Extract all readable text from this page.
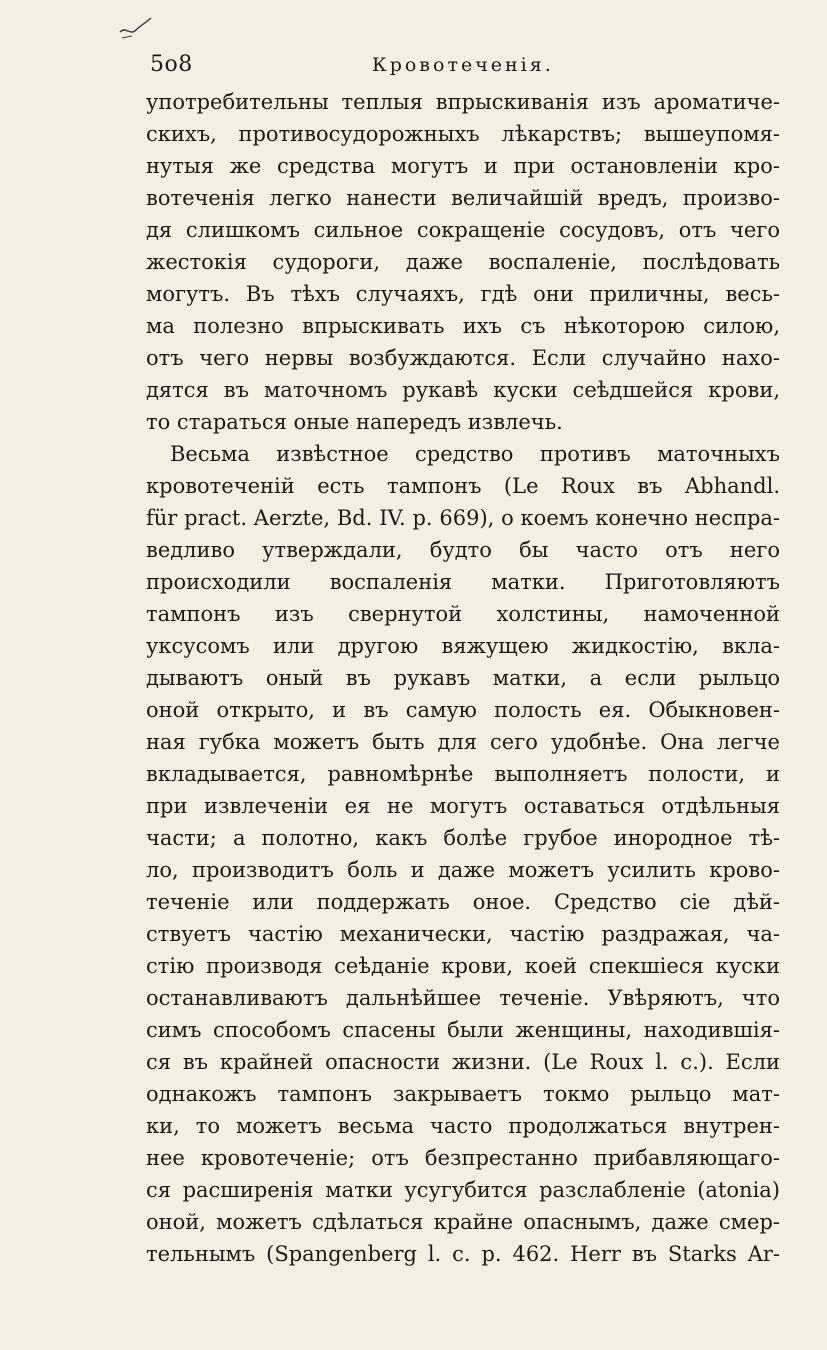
5о8	Кровотеченія.
употребительны теплыя впрыскиванія изъ ароматиче-
скихъ, противосудорожныхъ лѣкарствъ; вышеупомя-
нутыя же средства могутъ и при остановленіи кро-
вотеченія легко нанести величайшій вредъ, произво-
дя слишкомъ сильное сокращеніе сосудовъ, отъ чего
жестокія судороги, даже воспаленіе, послѣдовать
могутъ. Въ тѣхъ случаяхъ, гдѣ они приличны, весь-
ма полезно впрыскивать ихъ съ нѣкоторою силою,
отъ чего нервы возбуждаются. Если случайно нахо-
дятся въ маточномъ рукавѣ куски сеѣдшейся крови,
то стараться оные напередъ извлечь.
Весьма извѣстное средство противъ маточныхъ
кровотеченій есть тампонъ (Le Roux въ Abhandl.
für pract. Aerzte, Bd. IV. p. 669), о коемъ конечно неспра-
ведливо утверждали, будто бы часто отъ него
происходили воспаленія матки. Приготовляютъ
тампонъ изъ свернутой холстины, намоченной
уксусомъ или другою вяжущею жидкостію, вкла-
дываютъ оный въ рукавъ матки, а если рыльцо
оной открыто, и въ самую полость ея. Обыкновен-
ная губка можетъ быть для сего удобнѣе. Она легче
вкладывается, равномѣрнѣе выполняетъ полости, и
при извлеченіи ея не могутъ оставаться отдѣльныя
части; а полотно, какъ болѣе грубое инородное тѣ-
ло, производитъ боль и даже можетъ усилить крово-
теченіе или поддержать оное. Средство сіе дѣй-
ствуетъ частію механически, частію раздражая, ча-
стію производя сеѣданіе крови, коей спекшіеся куски
останавливаютъ дальнѣйшее теченіе. Увѣряютъ, что
симъ способомъ спасены были женщины, находившія-
ся въ крайней опасности жизни. (Le Roux l. c.). Если
однакожъ тампонъ закрываетъ токмо рыльцо мат-
ки, то можетъ весьма часто продолжаться внутрен-
нее кровотеченіе; отъ безпрестанно прибавляющаго-
ся расширенія матки усугубится разслабленіе (atonia)
оной, можетъ сдѣлаться крайне опаснымъ, даже смер-
тельнымъ (Spangenberg l. c. p. 462. Herr въ Starks Ar-
